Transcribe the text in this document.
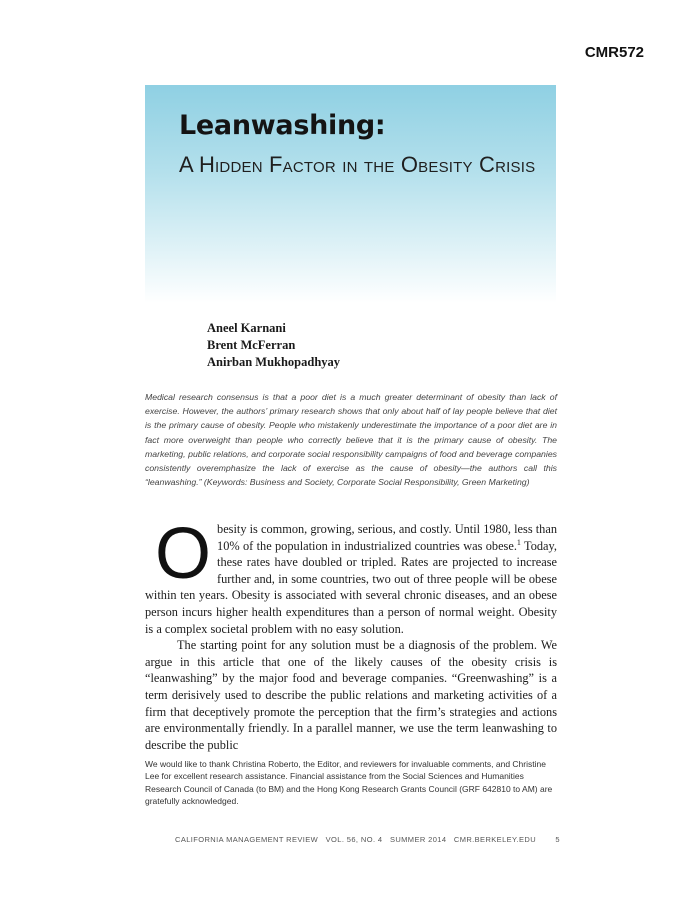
CMR572
Leanwashing:
A Hidden Factor in the Obesity Crisis
Aneel Karnani
Brent McFerran
Anirban Mukhopadhyay
Medical research consensus is that a poor diet is a much greater determinant of obesity than lack of exercise. However, the authors’ primary research shows that only about half of lay people believe that diet is the primary cause of obesity. People who mistakenly underestimate the importance of a poor diet are in fact more overweight than people who correctly believe that it is the primary cause of obesity. The marketing, public relations, and corporate social responsibility campaigns of food and beverage companies consistently overemphasize the lack of exercise as the cause of obesity—the authors call this “leanwashing.” (Keywords: Business and Society, Corporate Social Responsibility, Green Marketing)

Obesity is common, growing, serious, and costly. Until 1980, less than 10% of the population in industrialized countries was obese.$^1$ Today, these rates have doubled or tripled. Rates are projected to increase further and, in some countries, two out of three people will be obese within ten years. Obesity is associated with several chronic diseases, and an obese person incurs higher health expenditures than a person of normal weight. Obesity is a complex societal problem with no easy solution.

The starting point for any solution must be a diagnosis of the problem. We argue in this article that one of the likely causes of the obesity crisis is “leanwashing” by the major food and beverage companies. “Greenwashing” is a term derisively used to describe the public relations and marketing activities of a firm that deceptively promote the perception that the firm’s strategies and actions are environmentally friendly. In a parallel manner, we use the term leanwashing to describe the public

We would like to thank Christina Roberto, the Editor, and reviewers for invaluable comments, and Christine Lee for excellent research assistance. Financial assistance from the Social Sciences and Humanities Research Council of Canada (to BM) and the Hong Kong Research Grants Council (GRF 642810 to AM) are gratefully acknowledged.
CALIFORNIA MANAGEMENT REVIEW   VOL. 56, NO. 4   SUMMER 2014   CMR.BERKELEY.EDU	5
